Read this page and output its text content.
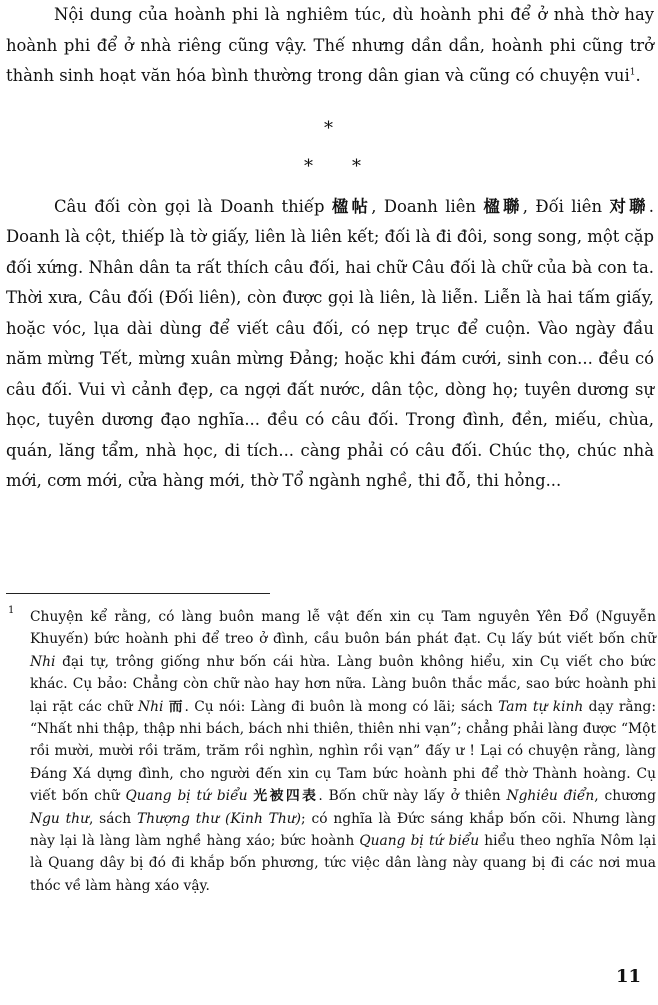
Nội dung của hoành phi là nghiêm túc, dù hoành phi để ở nhà thờ hay hoành phi để ở nhà riêng cũng vậy. Thế nhưng dần dần, hoành phi cũng trở thành sinh hoạt văn hóa bình thường trong dân gian và cũng có chuyện vui$^1$.

*
* *

Câu đối còn gọi là Doanh thiếp 楹帖, Doanh liên 楹聯, Đối liên 对聯. Doanh là cột, thiếp là tờ giấy, liên là liên kết; đối là đi đôi, song song, một cặp đối xứng. Nhân dân ta rất thích câu đối, hai chữ Câu đối là chữ của bà con ta. Thời xưa, Câu đối (Đối liên), còn được gọi là liên, là liễn. Liễn là hai tấm giấy, hoặc vóc, lụa dài dùng để viết câu đối, có nẹp trục để cuộn. Vào ngày đầu năm mừng Tết, mừng xuân mừng Đảng; hoặc khi đám cưới, sinh con... đều có câu đối. Vui vì cảnh đẹp, ca ngợi đất nước, dân tộc, dòng họ; tuyên dương sự học, tuyên dương đạo nghĩa... đều có câu đối. Trong đình, đền, miếu, chùa, quán, lăng tẩm, nhà học, di tích... càng phải có câu đối. Chúc thọ, chúc nhà mới, cơm mới, cửa hàng mới, thờ Tổ ngành nghề, thi đỗ, thi hỏng...

1 Chuyện kể rằng, có làng buôn mang lễ vật đến xin cụ Tam nguyên Yên Đổ (Nguyễn Khuyến) bức hoành phi để treo ở đình, cầu buôn bán phát đạt. Cụ lấy bút viết bốn chữ Nhi đại tự, trông giống như bốn cái hừa. Làng buôn không hiểu, xin Cụ viết cho bức khác. Cụ bảo: Chẳng còn chữ nào hay hơn nữa. Làng buôn thắc mắc, sao bức hoành phi lại rặt các chữ Nhi 而. Cụ nói: Làng đi buôn là mong có lãi; sách Tam tự kinh dạy rằng: “Nhất nhi thập, thập nhi bách, bách nhi thiên, thiên nhi vạn”; chẳng phải làng được “Một rồi mười, mười rồi trăm, trăm rồi nghìn, nghìn rồi vạn” đấy ư ! Lại có chuyện rằng, làng Đáng Xá dựng đình, cho người đến xin cụ Tam bức hoành phi để thờ Thành hoàng. Cụ viết bốn chữ Quang bị tứ biểu 光被四表. Bốn chữ này lấy ở thiên Nghiêu điển, chương Ngu thư, sách Thượng thư (Kinh Thư); có nghĩa là Đức sáng khắp bốn cõi. Nhưng làng này lại là làng làm nghề hàng xáo; bức hoành Quang bị tứ biểu hiểu theo nghĩa Nôm lại là Quang dây bị đó đi khắp bốn phương, tức việc dân làng này quang bị đi các nơi mua thóc về làm hàng xáo vậy.
11
